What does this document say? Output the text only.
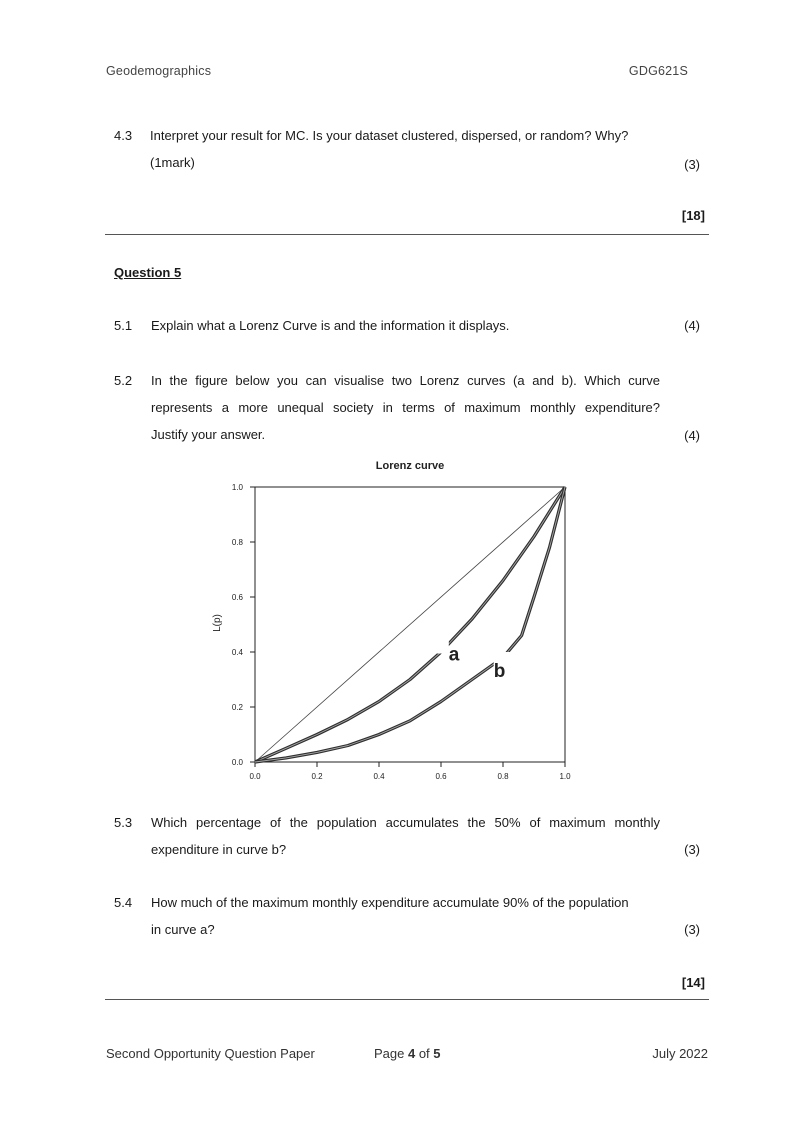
Geodemographics	GDG621S
4.3	Interpret your result for MC. Is your dataset clustered, dispersed, or random? Why?
(1mark)	(3)
[18]
Question 5
5.1	Explain what a Lorenz Curve is and the information it displays.	(4)
5.2	In the figure below you can visualise two Lorenz curves (a and b). Which curve
represents a more unequal society in terms of maximum monthly expenditure?
Justify your answer.	(4)
Lorenz curve
L(p)
0.0	0.2	0.4	0.6	0.8	1.0
0.0
0.2
0.4
0.6
0.8
1.0
a
b
5.3	Which percentage of the population accumulates the 50% of maximum monthly
expenditure in curve b?	(3)
5.4	How much of the maximum monthly expenditure accumulate 90% of the population
in curve a?	(3)
[14]
Second Opportunity Question Paper	Page 4 of 5	July 2022
